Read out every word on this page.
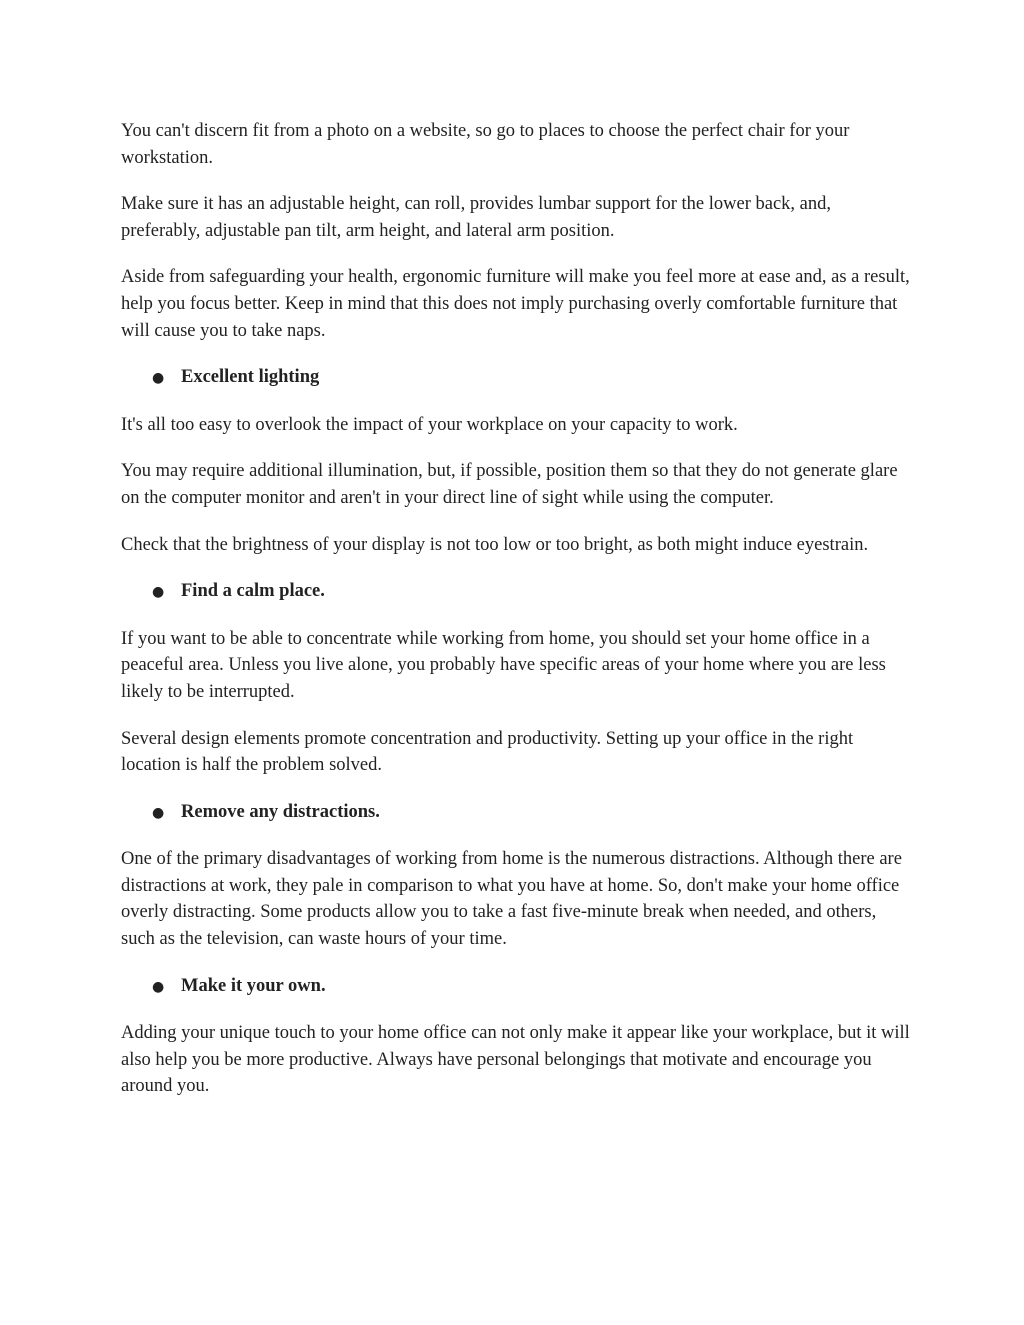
You can't discern fit from a photo on a website, so go to places to choose the perfect chair for your workstation.

Make sure it has an adjustable height, can roll, provides lumbar support for the lower back, and, preferably, adjustable pan tilt, arm height, and lateral arm position.

Aside from safeguarding your health, ergonomic furniture will make you feel more at ease and, as a result, help you focus better. Keep in mind that this does not imply purchasing overly comfortable furniture that will cause you to take naps.

● Excellent lighting

It's all too easy to overlook the impact of your workplace on your capacity to work.

You may require additional illumination, but, if possible, position them so that they do not generate glare on the computer monitor and aren't in your direct line of sight while using the computer.

Check that the brightness of your display is not too low or too bright, as both might induce eyestrain.

● Find a calm place.

If you want to be able to concentrate while working from home, you should set your home office in a peaceful area. Unless you live alone, you probably have specific areas of your home where you are less likely to be interrupted.

Several design elements promote concentration and productivity. Setting up your office in the right location is half the problem solved.

● Remove any distractions.

One of the primary disadvantages of working from home is the numerous distractions. Although there are distractions at work, they pale in comparison to what you have at home. So, don't make your home office overly distracting. Some products allow you to take a fast five-minute break when needed, and others, such as the television, can waste hours of your time.

● Make it your own.

Adding your unique touch to your home office can not only make it appear like your workplace, but it will also help you be more productive. Always have personal belongings that motivate and encourage you around you.
